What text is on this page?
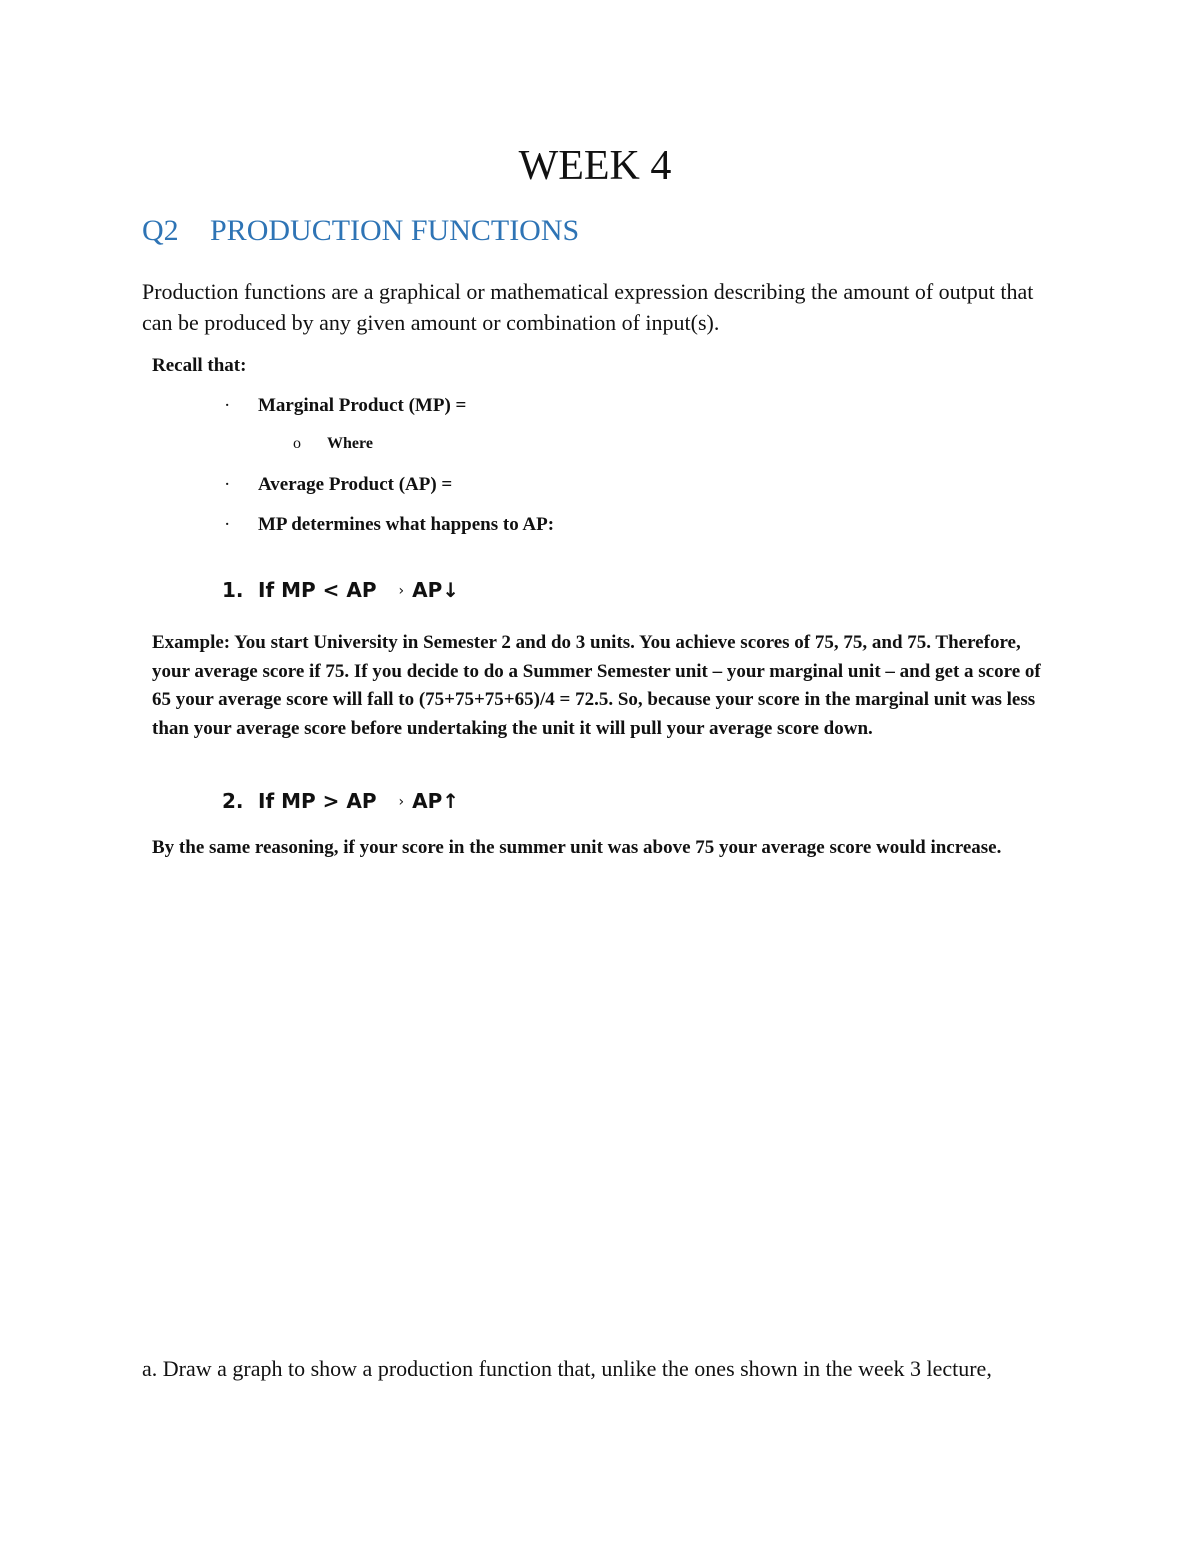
WEEK 4
Q2 PRODUCTION FUNCTIONS
Production functions are a graphical or mathematical expression describing the amount of output that can be produced by any given amount or combination of input(s).
Recall that:
· Marginal Product (MP) =
o Where
· Average Product (AP) =
· MP determines what happens to AP:
1. If MP < AP › AP↓
Example: You start University in Semester 2 and do 3 units. You achieve scores of 75, 75, and 75. Therefore, your average score if 75. If you decide to do a Summer Semester unit – your marginal unit – and get a score of 65 your average score will fall to (75+75+75+65)/4 = 72.5. So, because your score in the marginal unit was less than your average score before undertaking the unit it will pull your average score down.
2. If MP > AP › AP↑
By the same reasoning, if your score in the summer unit was above 75 your average score would increase.
a. Draw a graph to show a production function that, unlike the ones shown in the week 3 lecture,
